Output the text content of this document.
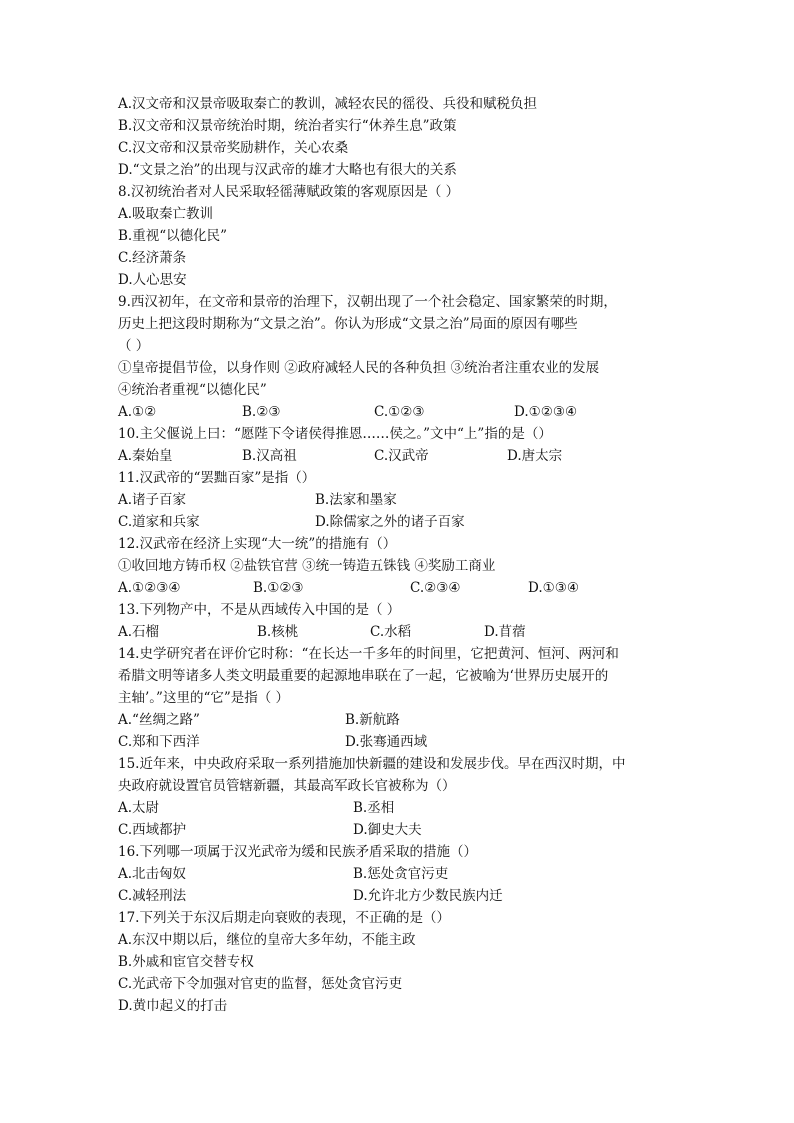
A.汉文帝和汉景帝吸取秦亡的教训，减轻农民的徭役、兵役和赋税负担
B.汉文帝和汉景帝统治时期，统治者实行“休养生息”政策
C.汉文帝和汉景帝奖励耕作，关心农桑
D.“文景之治”的出现与汉武帝的雄才大略也有很大的关系
8.汉初统治者对人民采取轻徭薄赋政策的客观原因是（ ）
A.吸取秦亡教训
B.重视“以德化民”
C.经济萧条
D.人心思安
9.西汉初年，在文帝和景帝的治理下，汉朝出现了一个社会稳定、国家繁荣的时期，
历史上把这段时期称为“文景之治”。你认为形成“文景之治”局面的原因有哪些
（ ）
①皇帝提倡节俭，以身作则 ②政府减轻人民的各种负担 ③统治者注重农业的发展
④统治者重视“以德化民”
A.①②	B.②③	C.①②③	D.①②③④
10.主父偃说上曰：“愿陛下令诸侯得推恩……侯之。”文中“上”指的是（）
A.秦始皇	B.汉高祖	C.汉武帝	D.唐太宗
11.汉武帝的“罢黜百家”是指（）
A.诸子百家	B.法家和墨家
C.道家和兵家	D.除儒家之外的诸子百家
12.汉武帝在经济上实现“大一统”的措施有（）
①收回地方铸币权 ②盐铁官营 ③统一铸造五铢钱 ④奖励工商业
A.①②③④	B.①②③	C.②③④	D.①③④
13.下列物产中，不是从西域传入中国的是（ ）
A.石榴	B.核桃	C.水稻	D.苜蓿
14.史学研究者在评价它时称：“在长达一千多年的时间里，它把黄河、恒河、两河和
希腊文明等诸多人类文明最重要的起源地串联在了一起，它被喻为‘世界历史展开的
主轴’。”这里的“它”是指（ ）
A.“丝绸之路”	B.新航路
C.郑和下西洋	D.张骞通西域
15.近年来，中央政府采取一系列措施加快新疆的建设和发展步伐。早在西汉时期，中
央政府就设置官员管辖新疆，其最高军政长官被称为（）
A.太尉	B.丞相
C.西域都护	D.御史大夫
16.下列哪一项属于汉光武帝为缓和民族矛盾采取的措施（）
A.北击匈奴	B.惩处贪官污吏
C.减轻刑法	D.允许北方少数民族内迁
17.下列关于东汉后期走向衰败的表现，不正确的是（）
A.东汉中期以后，继位的皇帝大多年幼，不能主政
B.外戚和宦官交替专权
C.光武帝下令加强对官吏的监督，惩处贪官污吏
D.黄巾起义的打击
